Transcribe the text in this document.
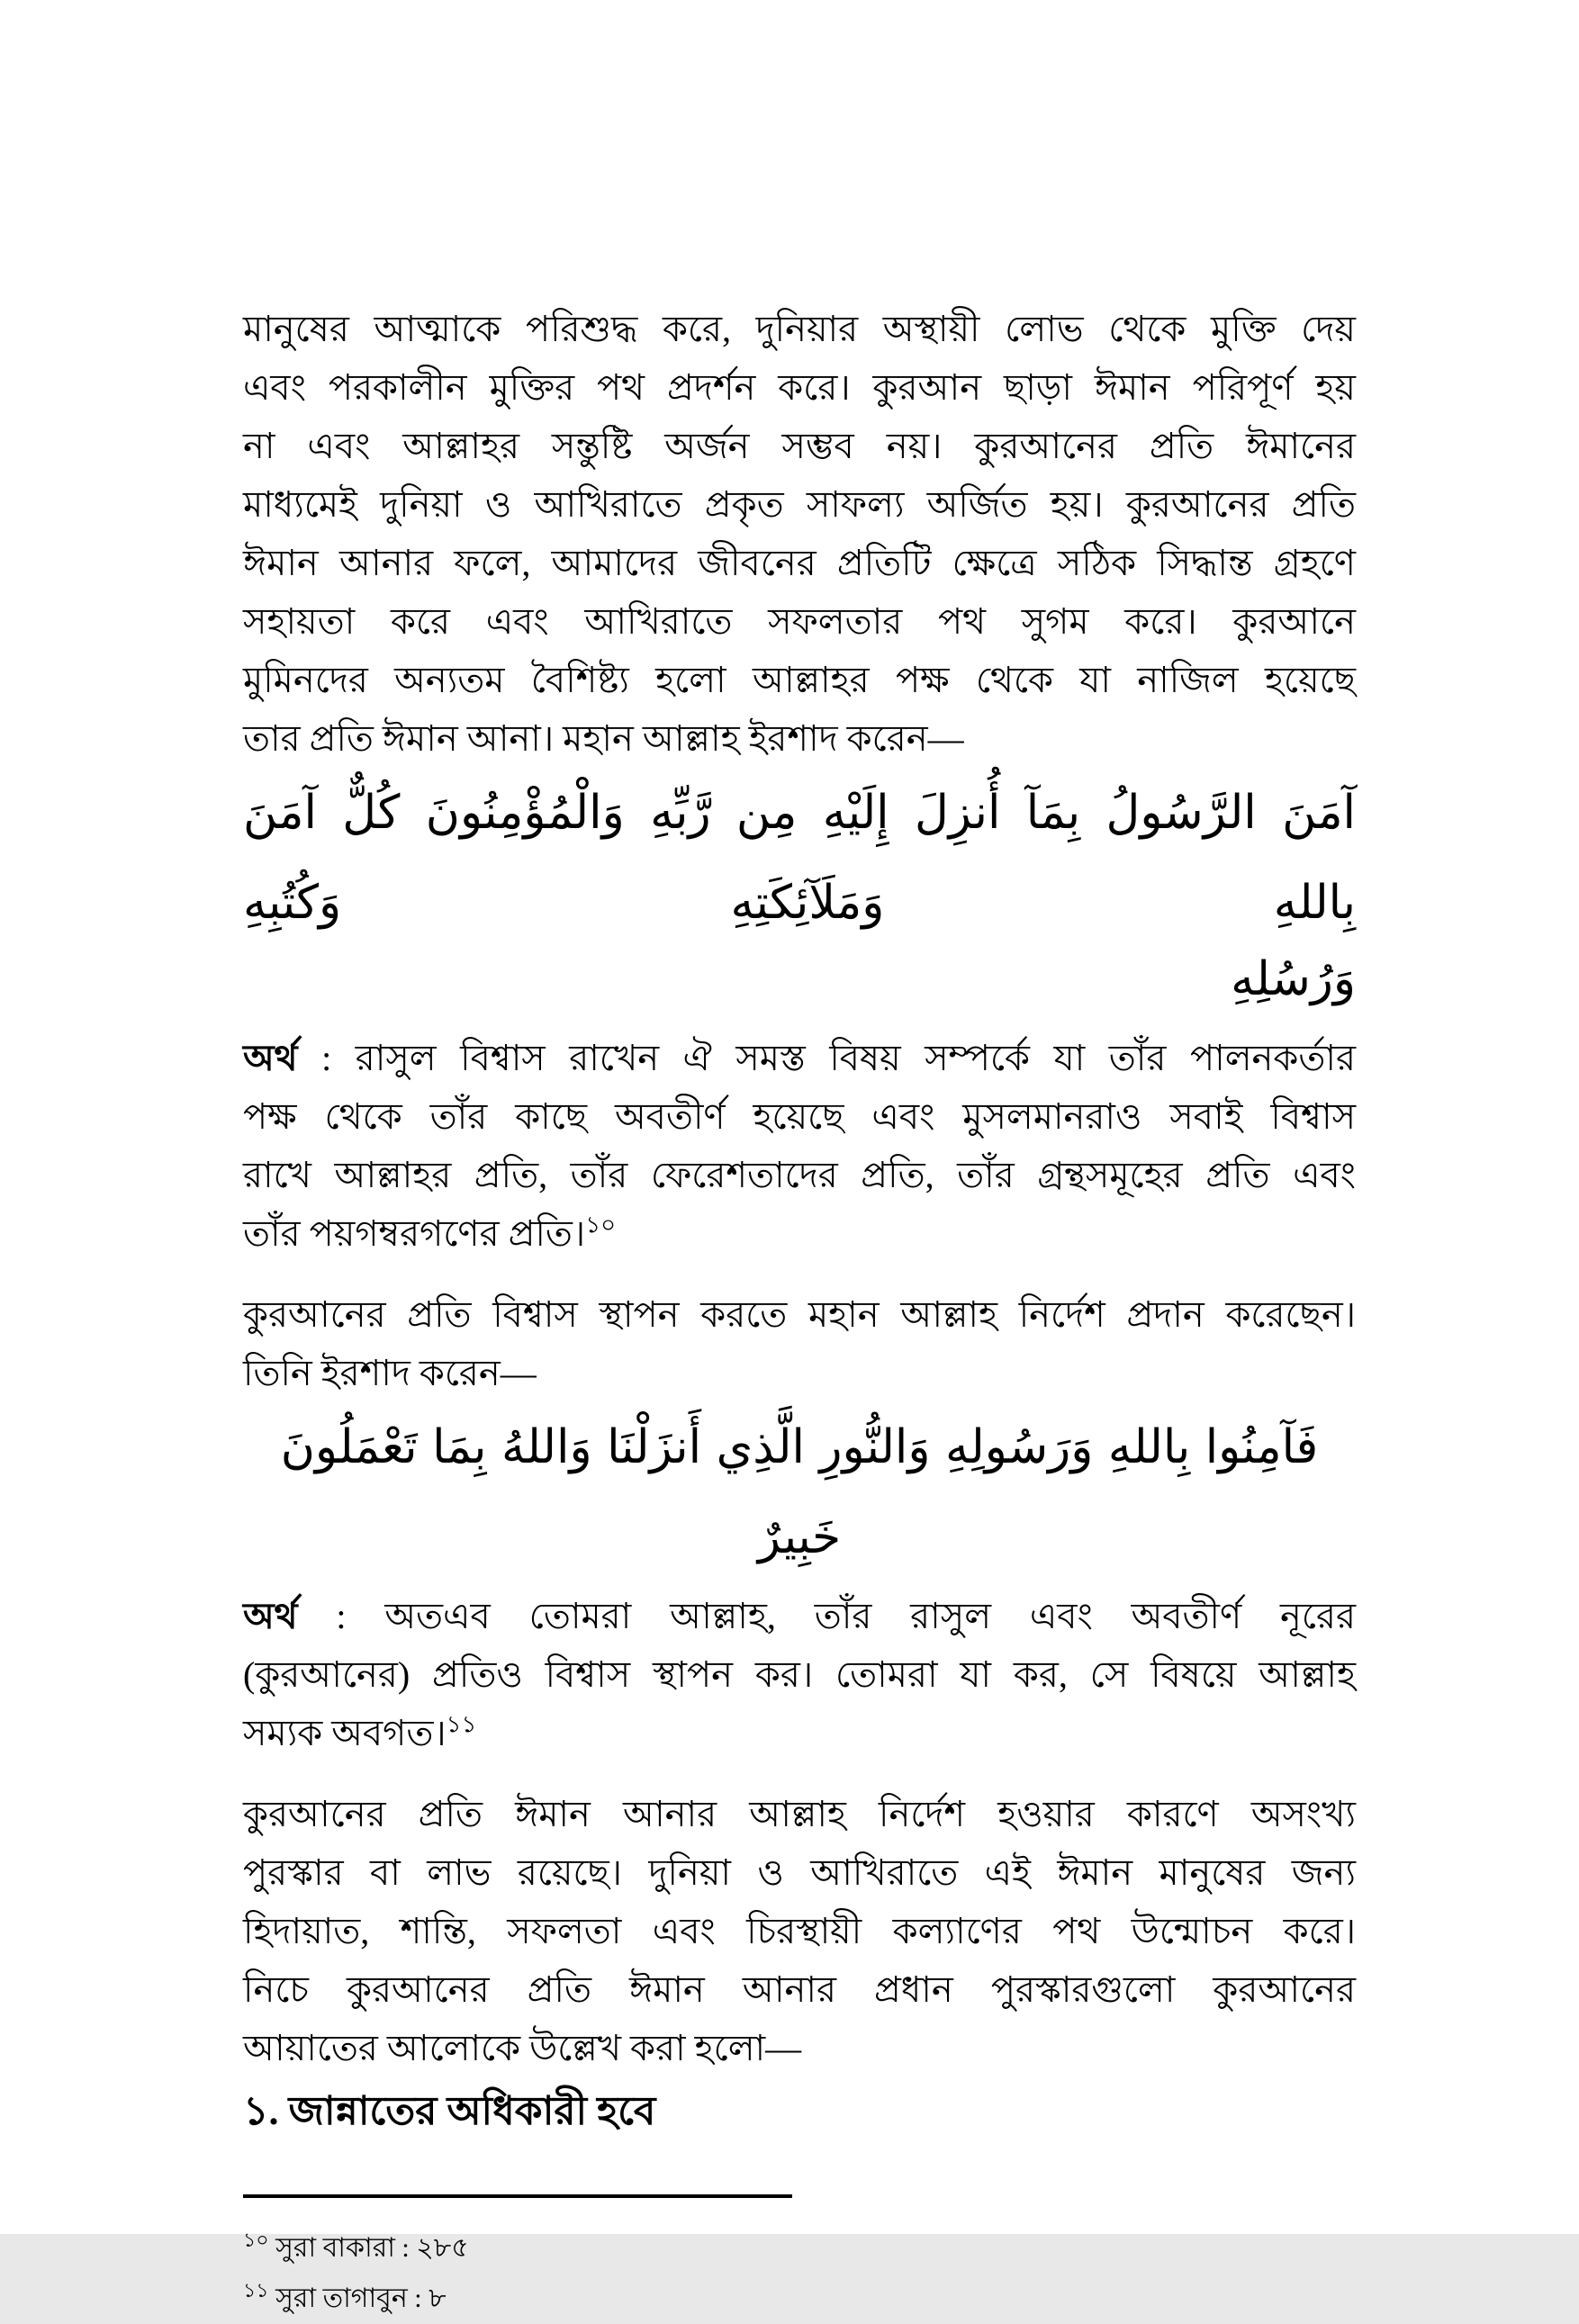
মানুষের আত্মাকে পরিশুদ্ধ করে, দুনিয়ার অস্থায়ী লোভ থেকে মুক্তি দেয়
এবং পরকালীন মুক্তির পথ প্রদর্শন করে। কুরআন ছাড়া ঈমান পরিপূর্ণ হয়
না এবং আল্লাহর সন্তুষ্টি অর্জন সম্ভব নয়। কুরআনের প্রতি ঈমানের
মাধ্যমেই দুনিয়া ও আখিরাতে প্রকৃত সাফল্য অর্জিত হয়। কুরআনের প্রতি
ঈমান আনার ফলে, আমাদের জীবনের প্রতিটি ক্ষেত্রে সঠিক সিদ্ধান্ত গ্রহণে
সহায়তা করে এবং আখিরাতে সফলতার পথ সুগম করে। কুরআনে
মুমিনদের অন্যতম বৈশিষ্ট্য হলো আল্লাহর পক্ষ থেকে যা নাজিল হয়েছে
তার প্রতি ঈমান আনা। মহান আল্লাহ ইরশাদ করেন—
آمَنَ الرَّسُولُ بِمَآ أُنزِلَ إِلَيْهِ مِن رَّبِّهِ وَالْمُؤْمِنُونَ كُلٌّ آمَنَ بِاللهِ وَمَلَآئِكَتِهِ وَكُتُبِهِ
وَرُسُلِهِ
অর্থ : রাসুল বিশ্বাস রাখেন ঐ সমস্ত বিষয় সম্পর্কে যা তাঁর পালনকর্তার
পক্ষ থেকে তাঁর কাছে অবতীর্ণ হয়েছে এবং মুসলমানরাও সবাই বিশ্বাস
রাখে আল্লাহর প্রতি, তাঁর ফেরেশতাদের প্রতি, তাঁর গ্রন্থসমূহের প্রতি এবং
তাঁর পয়গম্বরগণের প্রতি।$^{১০}$
কুরআনের প্রতি বিশ্বাস স্থাপন করতে মহান আল্লাহ নির্দেশ প্রদান করেছেন।
তিনি ইরশাদ করেন—
فَآمِنُوا بِاللهِ وَرَسُولِهِ وَالنُّورِ الَّذِي أَنزَلْنَا وَاللهُ بِمَا تَعْمَلُونَ خَبِيرٌ
অর্থ : অতএব তোমরা আল্লাহ, তাঁর রাসুল এবং অবতীর্ণ নূরের
(কুরআনের) প্রতিও বিশ্বাস স্থাপন কর। তোমরা যা কর, সে বিষয়ে আল্লাহ
সম্যক অবগত।$^{১১}$
কুরআনের প্রতি ঈমান আনার আল্লাহ নির্দেশ হওয়ার কারণে অসংখ্য
পুরস্কার বা লাভ রয়েছে। দুনিয়া ও আখিরাতে এই ঈমান মানুষের জন্য
হিদায়াত, শান্তি, সফলতা এবং চিরস্থায়ী কল্যাণের পথ উন্মোচন করে।
নিচে কুরআনের প্রতি ঈমান আনার প্রধান পুরস্কারগুলো কুরআনের
আয়াতের আলোকে উল্লেখ করা হলো—
১. জান্নাতের অধিকারী হবে
$^{১০}$ সুরা বাকারা : ২৮৫
$^{১১}$ সুরা তাগাবুন : ৮
